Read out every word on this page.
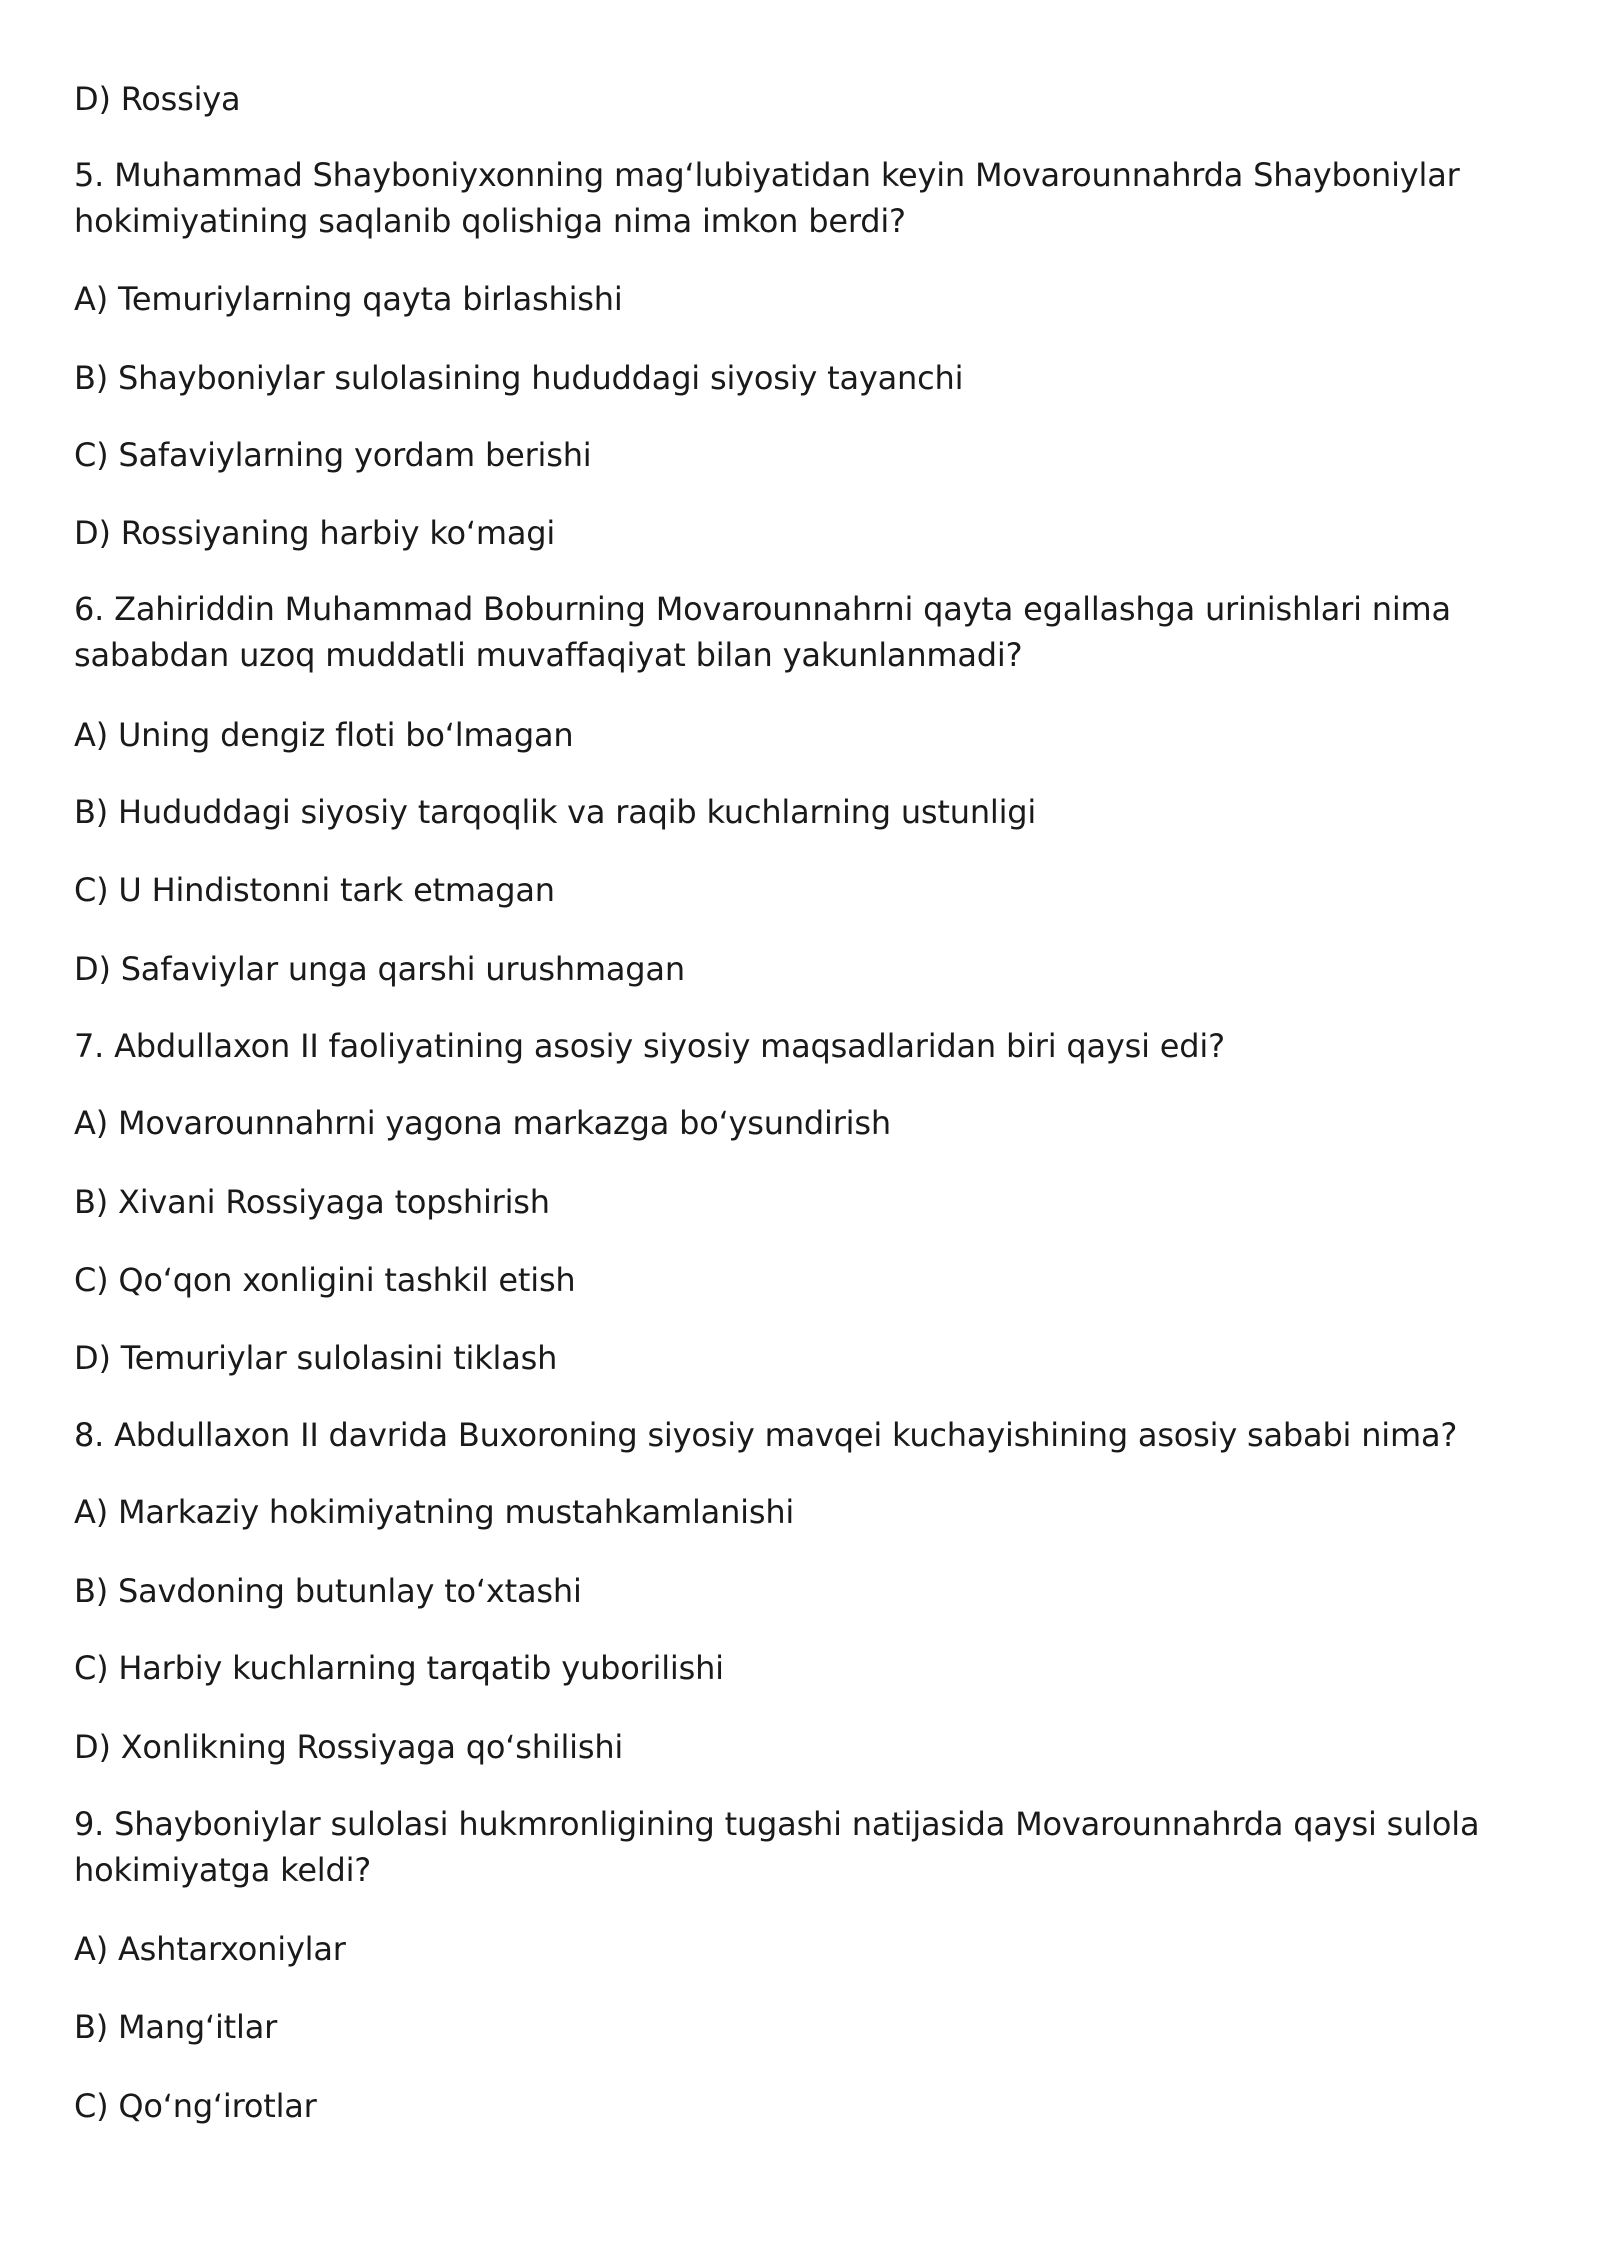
D) Rossiya
5. Muhammad Shayboniyxonning mag‘lubiyatidan keyin Movarounnahrda Shayboniylar hokimiyatining saqlanib qolishiga nima imkon berdi?
A) Temuriylarning qayta birlashishi
B) Shayboniylar sulolasining hududdagi siyosiy tayanchi
C) Safaviylarning yordam berishi
D) Rossiyaning harbiy ko‘magi
6. Zahiriddin Muhammad Boburning Movarounnahrni qayta egallashga urinishlari nima sababdan uzoq muddatli muvaffaqiyat bilan yakunlanmadi?
A) Uning dengiz floti bo‘lmagan
B) Hududdagi siyosiy tarqoqlik va raqib kuchlarning ustunligi
C) U Hindistonni tark etmagan
D) Safaviylar unga qarshi urushmagan
7. Abdullaxon II faoliyatining asosiy siyosiy maqsadlaridan biri qaysi edi?
A) Movarounnahrni yagona markazga bo‘ysundirish
B) Xivani Rossiyaga topshirish
C) Qo‘qon xonligini tashkil etish
D) Temuriylar sulolasini tiklash
8. Abdullaxon II davrida Buxoroning siyosiy mavqei kuchayishining asosiy sababi nima?
A) Markaziy hokimiyatning mustahkamlanishi
B) Savdoning butunlay to‘xtashi
C) Harbiy kuchlarning tarqatib yuborilishi
D) Xonlikning Rossiyaga qo‘shilishi
9. Shayboniylar sulolasi hukmronligining tugashi natijasida Movarounnahrda qaysi sulola hokimiyatga keldi?
A) Ashtarxoniylar
B) Mang‘itlar
C) Qo‘ng‘irotlar
